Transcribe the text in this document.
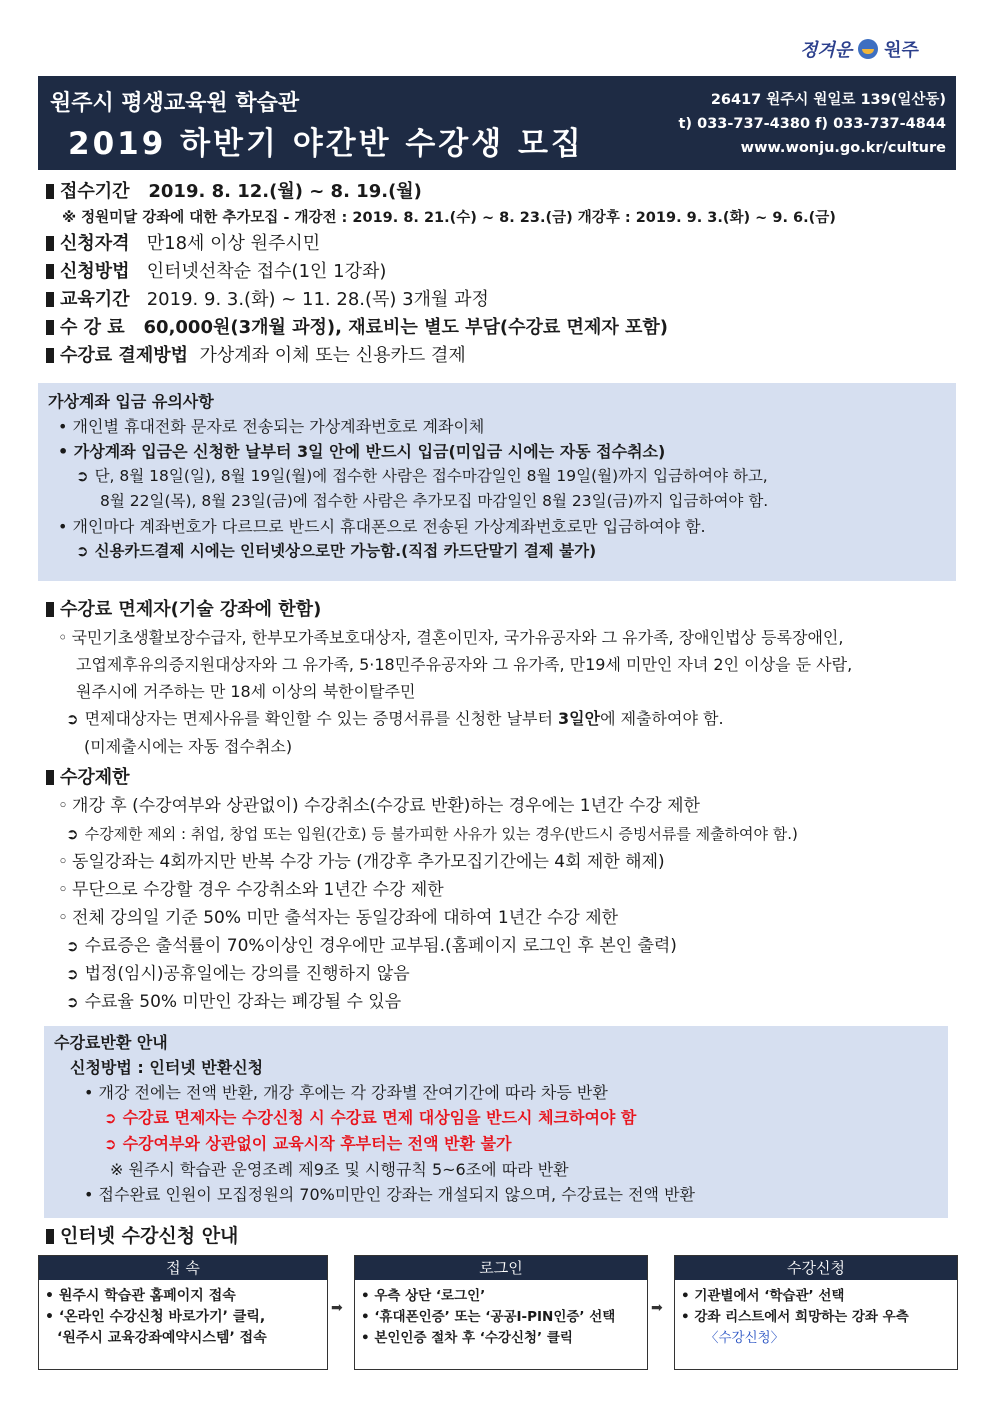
정겨운 원주
원주시 평생교육원 학습관
2019 하반기 야간반 수강생 모집
26417 원주시 원일로 139(일산동)
t) 033-737-4380 f) 033-737-4844
www.wonju.go.kr/culture
접수기간 2019. 8. 12.(월) ~ 8. 19.(월)
※ 정원미달 강좌에 대한 추가모집 - 개강전 : 2019. 8. 21.(수) ~ 8. 23.(금) 개강후 : 2019. 9. 3.(화) ~ 9. 6.(금)
신청자격 만18세 이상 원주시민
신청방법 인터넷선착순 접수(1인 1강좌)
교육기간 2019. 9. 3.(화) ~ 11. 28.(목) 3개월 과정
수 강 료 60,000원(3개월 과정), 재료비는 별도 부담(수강료 면제자 포함)
수강료 결제방법 가상계좌 이체 또는 신용카드 결제
가상계좌 입금 유의사항
• 개인별 휴대전화 문자로 전송되는 가상계좌번호로 계좌이체
• 가상계좌 입금은 신청한 날부터 3일 안에 반드시 입금(미입금 시에는 자동 접수취소)
➲ 단, 8월 18일(일), 8월 19일(월)에 접수한 사람은 접수마감일인 8월 19일(월)까지 입금하여야 하고,
8월 22일(목), 8월 23일(금)에 접수한 사람은 추가모집 마감일인 8월 23일(금)까지 입금하여야 함.
• 개인마다 계좌번호가 다르므로 반드시 휴대폰으로 전송된 가상계좌번호로만 입금하여야 함.
➲ 신용카드결제 시에는 인터넷상으로만 가능함.(직접 카드단말기 결제 불가)
수강료 면제자(기술 강좌에 한함)
◦ 국민기초생활보장수급자, 한부모가족보호대상자, 결혼이민자, 국가유공자와 그 유가족, 장애인법상 등록장애인,
고엽제후유의증지원대상자와 그 유가족, 5·18민주유공자와 그 유가족, 만19세 미만인 자녀 2인 이상을 둔 사람,
원주시에 거주하는 만 18세 이상의 북한이탈주민
➲ 면제대상자는 면제사유를 확인할 수 있는 증명서류를 신청한 날부터 3일안에 제출하여야 함.
(미제출시에는 자동 접수취소)
수강제한
◦ 개강 후 (수강여부와 상관없이) 수강취소(수강료 반환)하는 경우에는 1년간 수강 제한
➲ 수강제한 제외 : 취업, 창업 또는 입원(간호) 등 불가피한 사유가 있는 경우(반드시 증빙서류를 제출하여야 함.)
◦ 동일강좌는 4회까지만 반복 수강 가능 (개강후 추가모집기간에는 4회 제한 해제)
◦ 무단으로 수강할 경우 수강취소와 1년간 수강 제한
◦ 전체 강의일 기준 50% 미만 출석자는 동일강좌에 대하여 1년간 수강 제한
➲ 수료증은 출석률이 70%이상인 경우에만 교부됨.(홈페이지 로그인 후 본인 출력)
➲ 법정(임시)공휴일에는 강의를 진행하지 않음
➲ 수료율 50% 미만인 강좌는 폐강될 수 있음
수강료반환 안내
신청방법 : 인터넷 반환신청
• 개강 전에는 전액 반환, 개강 후에는 각 강좌별 잔여기간에 따라 차등 반환
➲ 수강료 면제자는 수강신청 시 수강료 면제 대상임을 반드시 체크하여야 함
➲ 수강여부와 상관없이 교육시작 후부터는 전액 반환 불가
※ 원주시 학습관 운영조례 제9조 및 시행규칙 5~6조에 따라 반환
• 접수완료 인원이 모집정원의 70%미만인 강좌는 개설되지 않으며, 수강료는 전액 반환
인터넷 수강신청 안내
접 속
• 원주시 학습관 홈페이지 접속
• ‘온라인 수강신청 바로가기’ 클릭,
‘원주시 교육강좌예약시스템’ 접속
➡
로그인
• 우측 상단 ‘로그인’
• ‘휴대폰인증’ 또는 ‘공공I-PIN인증’ 선택
• 본인인증 절차 후 ‘수강신청’ 클릭
➡
수강신청
• 기관별에서 ‘학습관’ 선택
• 강좌 리스트에서 희망하는 강좌 우측
〈수강신청〉
